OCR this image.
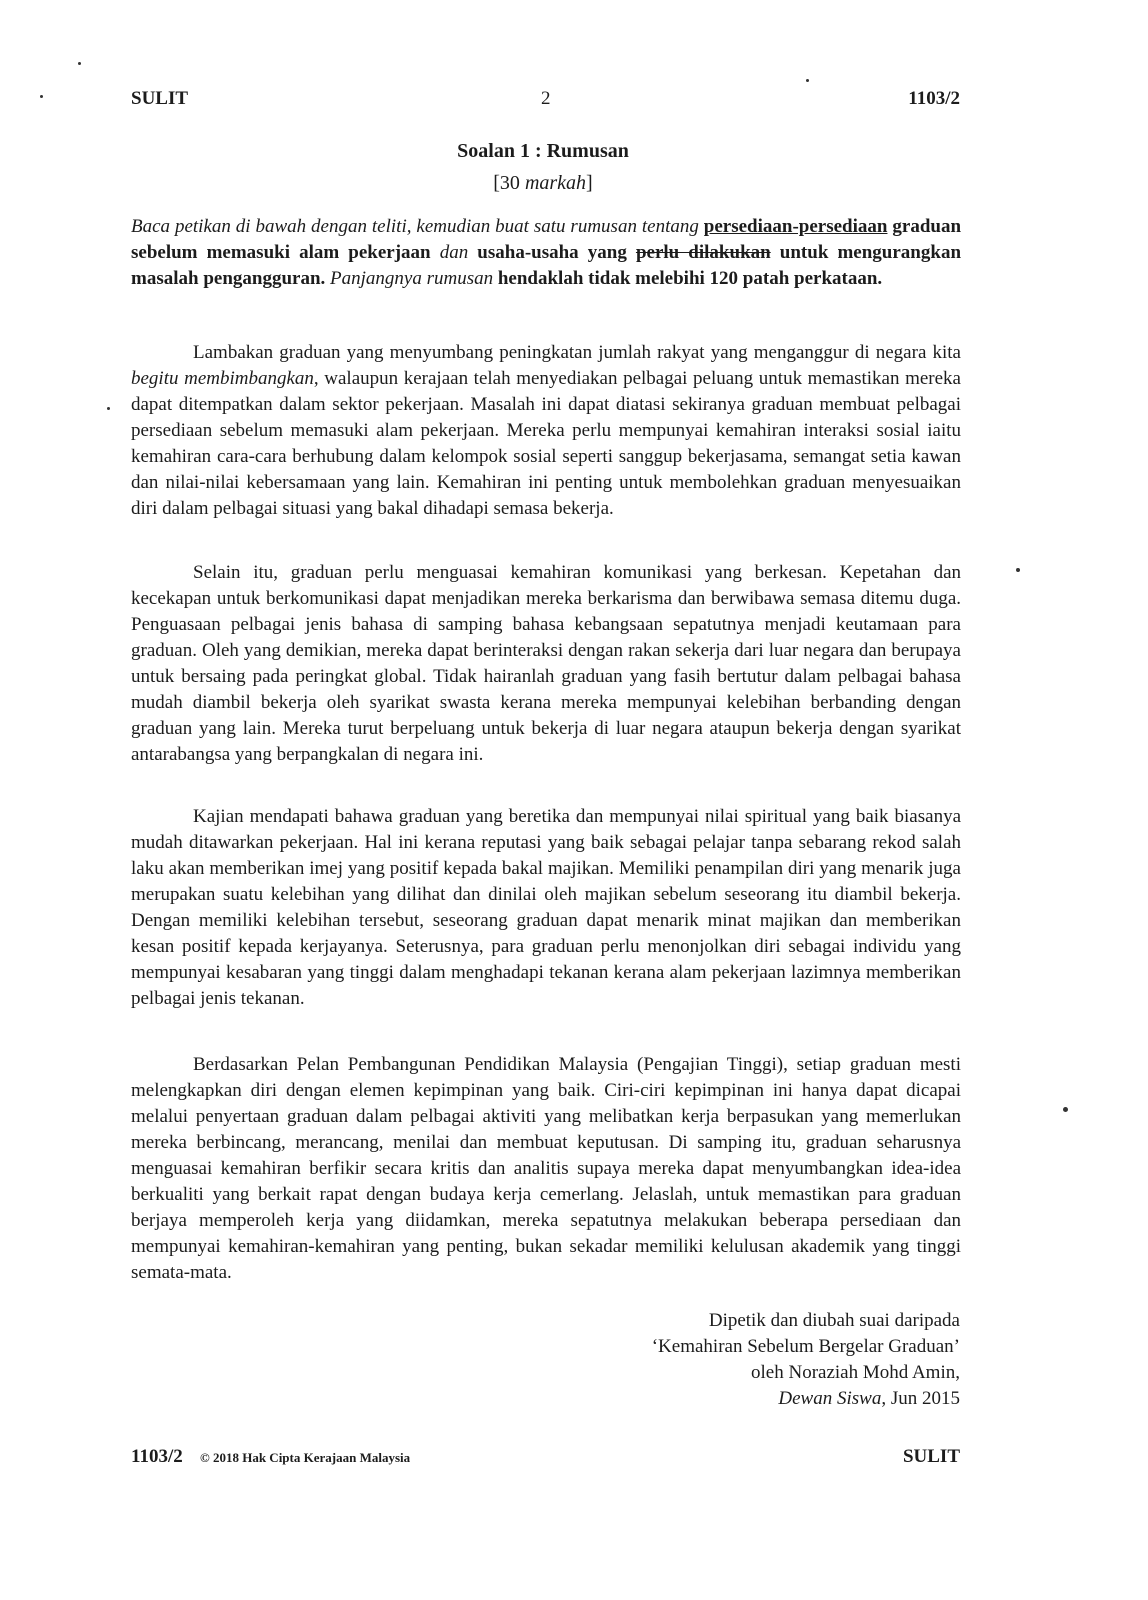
SULIT	2	1103/2
Soalan 1 : Rumusan
[30 markah]
Baca petikan di bawah dengan teliti, kemudian buat satu rumusan tentang persediaan-persediaan graduan sebelum memasuki alam pekerjaan dan usaha-usaha yang perlu dilakukan untuk mengurangkan masalah pengangguran. Panjangnya rumusan hendaklah tidak melebihi 120 patah perkataan.

Lambakan graduan yang menyumbang peningkatan jumlah rakyat yang menganggur di negara kita begitu membimbangkan, walaupun kerajaan telah menyediakan pelbagai peluang untuk memastikan mereka dapat ditempatkan dalam sektor pekerjaan. Masalah ini dapat diatasi sekiranya graduan membuat pelbagai persediaan sebelum memasuki alam pekerjaan. Mereka perlu mempunyai kemahiran interaksi sosial iaitu kemahiran cara-cara berhubung dalam kelompok sosial seperti sanggup bekerjasama, semangat setia kawan dan nilai-nilai kebersamaan yang lain. Kemahiran ini penting untuk membolehkan graduan menyesuaikan diri dalam pelbagai situasi yang bakal dihadapi semasa bekerja.

Selain itu, graduan perlu menguasai kemahiran komunikasi yang berkesan. Kepetahan dan kecekapan untuk berkomunikasi dapat menjadikan mereka berkarisma dan berwibawa semasa ditemu duga. Penguasaan pelbagai jenis bahasa di samping bahasa kebangsaan sepatutnya menjadi keutamaan para graduan. Oleh yang demikian, mereka dapat berinteraksi dengan rakan sekerja dari luar negara dan berupaya untuk bersaing pada peringkat global. Tidak hairanlah graduan yang fasih bertutur dalam pelbagai bahasa mudah diambil bekerja oleh syarikat swasta kerana mereka mempunyai kelebihan berbanding dengan graduan yang lain. Mereka turut berpeluang untuk bekerja di luar negara ataupun bekerja dengan syarikat antarabangsa yang berpangkalan di negara ini.

Kajian mendapati bahawa graduan yang beretika dan mempunyai nilai spiritual yang baik biasanya mudah ditawarkan pekerjaan. Hal ini kerana reputasi yang baik sebagai pelajar tanpa sebarang rekod salah laku akan memberikan imej yang positif kepada bakal majikan. Memiliki penampilan diri yang menarik juga merupakan suatu kelebihan yang dilihat dan dinilai oleh majikan sebelum seseorang itu diambil bekerja. Dengan memiliki kelebihan tersebut, seseorang graduan dapat menarik minat majikan dan memberikan kesan positif kepada kerjayanya. Seterusnya, para graduan perlu menonjolkan diri sebagai individu yang mempunyai kesabaran yang tinggi dalam menghadapi tekanan kerana alam pekerjaan lazimnya memberikan pelbagai jenis tekanan.

Berdasarkan Pelan Pembangunan Pendidikan Malaysia (Pengajian Tinggi), setiap graduan mesti melengkapkan diri dengan elemen kepimpinan yang baik. Ciri-ciri kepimpinan ini hanya dapat dicapai melalui penyertaan graduan dalam pelbagai aktiviti yang melibatkan kerja berpasukan yang memerlukan mereka berbincang, merancang, menilai dan membuat keputusan. Di samping itu, graduan seharusnya menguasai kemahiran berfikir secara kritis dan analitis supaya mereka dapat menyumbangkan idea-idea berkualiti yang berkait rapat dengan budaya kerja cemerlang. Jelaslah, untuk memastikan para graduan berjaya memperoleh kerja yang diidamkan, mereka sepatutnya melakukan beberapa persediaan dan mempunyai kemahiran-kemahiran yang penting, bukan sekadar memiliki kelulusan akademik yang tinggi semata-mata.

Dipetik dan diubah suai daripada
‘Kemahiran Sebelum Bergelar Graduan’
oleh Noraziah Mohd Amin,
Dewan Siswa, Jun 2015
1103/2 © 2018 Hak Cipta Kerajaan Malaysia	SULIT
